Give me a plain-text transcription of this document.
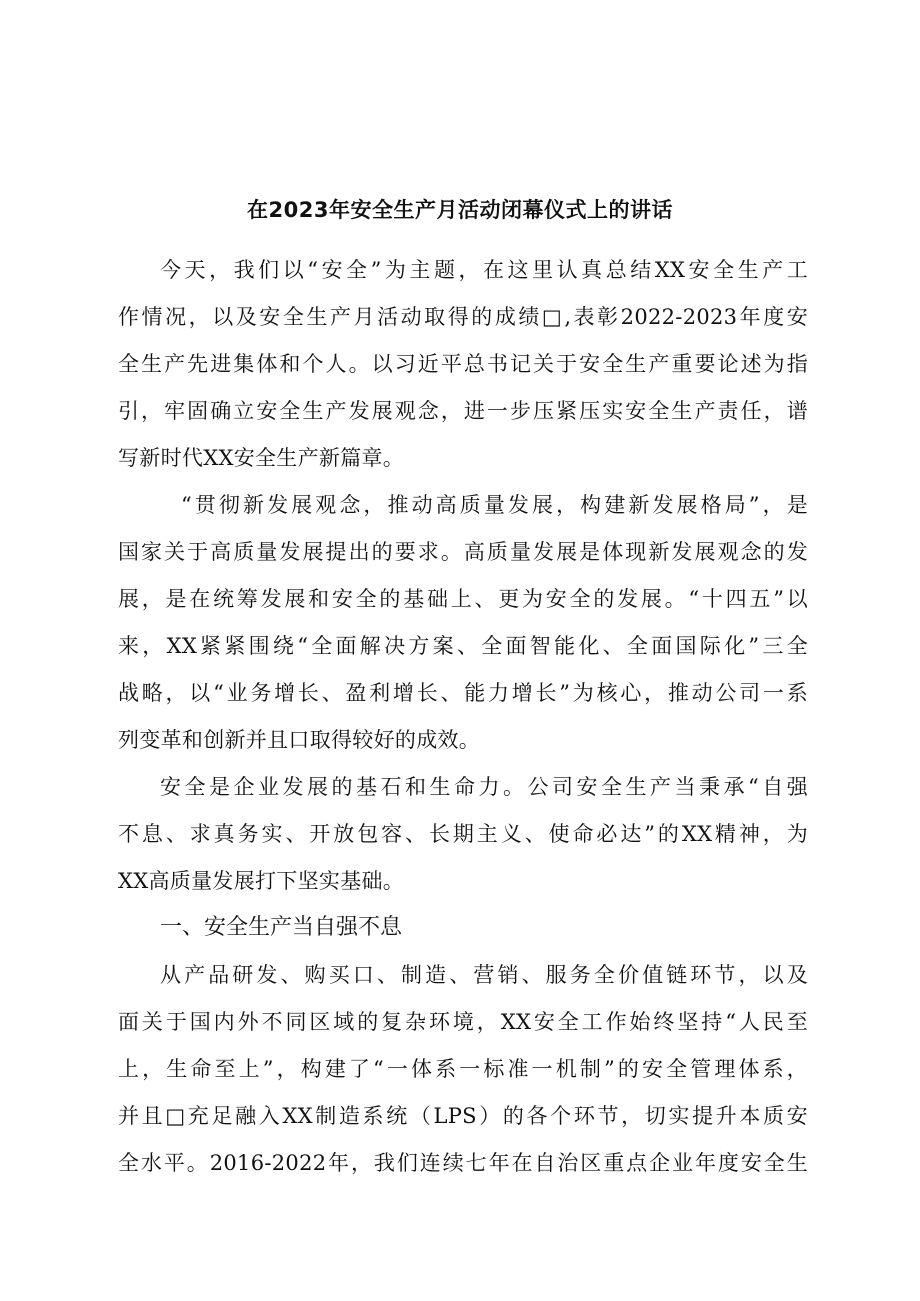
在2023年安全生产月活动闭幕仪式上的讲话
今天，我们以“安全”为主题，在这里认真总结XX安全生产工
作情况，以及安全生产月活动取得的成绩□,表彰2022-2023年度安
全生产先进集体和个人。以习近平总书记关于安全生产重要论述为指
引，牢固确立安全生产发展观念，进一步压紧压实安全生产责任，谱
写新时代XX安全生产新篇章。
“贯彻新发展观念，推动高质量发展，构建新发展格局”，是
国家关于高质量发展提出的要求。高质量发展是体现新发展观念的发
展，是在统筹发展和安全的基础上、更为安全的发展。“十四五”以
来，XX紧紧围绕“全面解决方案、全面智能化、全面国际化”三全
战略，以“业务增长、盈利增长、能力增长”为核心，推动公司一系
列变革和创新并且口取得较好的成效。
安全是企业发展的基石和生命力。公司安全生产当秉承“自强
不息、求真务实、开放包容、长期主义、使命必达”的XX精神，为
XX高质量发展打下坚实基础。
一、安全生产当自强不息
从产品研发、购买口、制造、营销、服务全价值链环节，以及
面关于国内外不同区域的复杂环境，XX安全工作始终坚持“人民至
上，生命至上”，构建了“一体系一标准一机制”的安全管理体系，
并且□充足融入XX制造系统（LPS）的各个环节，切实提升本质安
全水平。2016-2022年，我们连续七年在自治区重点企业年度安全生
